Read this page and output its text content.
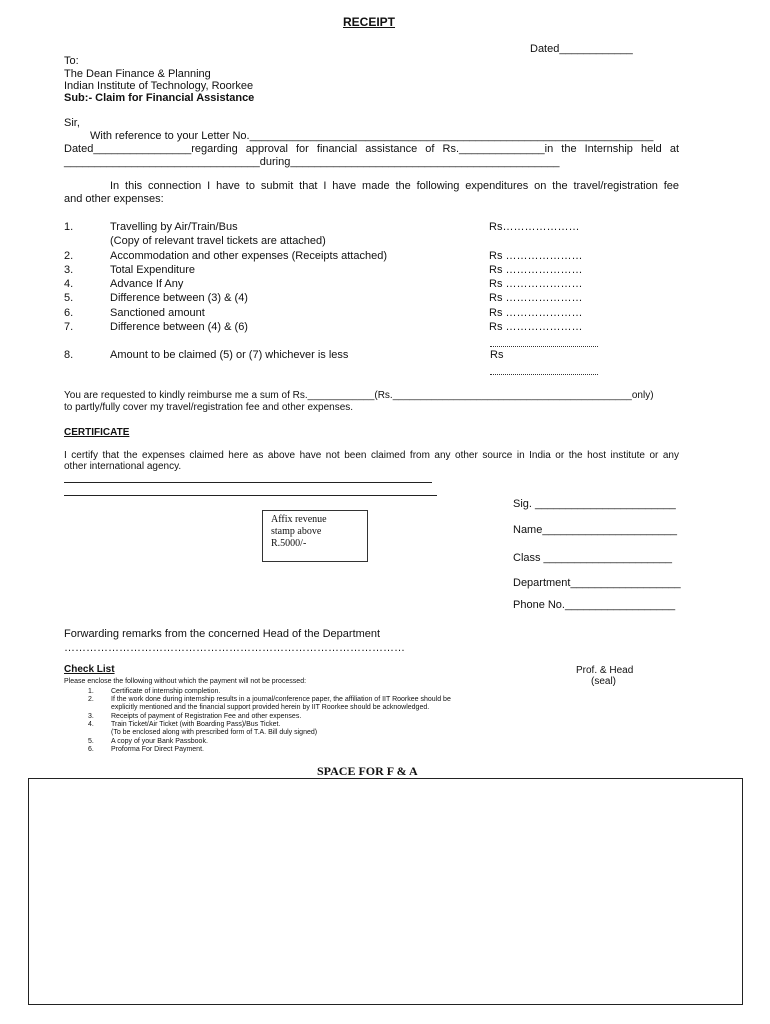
RECEIPT
Dated____________
To:
The Dean Finance & Planning
Indian Institute of Technology, Roorkee
Sub:- Claim for Financial Assistance
Sir,
With reference to your Letter No.__________________________________________________________________
Dated________________regarding approval for financial assistance of Rs.______________in the Internship held at
________________________________during____________________________________________
In this connection I have to submit that I have made the following expenditures on the travel/registration fee
and other expenses:
1.	Travelling by Air/Train/Bus	Rs…………………
(Copy of relevant travel tickets are attached)
2.	Accommodation and other expenses (Receipts attached)	Rs …………………
3.	Total Expenditure	Rs …………………
4.	Advance If Any	Rs …………………
5.	Difference between (3) & (4)	Rs …………………
6.	Sanctioned amount	Rs …………………
7.	Difference between (4) & (6)	Rs …………………
8.	Amount to be claimed (5) or (7) whichever is less	Rs
You are requested to kindly reimburse me a sum of Rs.____________(Rs.___________________________________________only)
to partly/fully cover my travel/registration fee and other expenses.
CERTIFICATE
I certify that the expenses claimed here as above have not been claimed from any other source in India or the host institute or any
other international agency.
Affix revenue
stamp above
R.5000/-
Sig. _______________________
Name______________________
Class _____________________
Department__________________
Phone No.__________________
Forwarding remarks from the concerned Head of the Department
…………………………………………………………………………………
Check List
Please enclose the following without which the payment will not be processed:
1. Certificate of internship completion.
2. If the work done during internship results in a journal/conference paper, the affiliation of IIT Roorkee should be
explicitly mentioned and the financial support provided herein by IIT Roorkee should be acknowledged.
3. Receipts of payment of Registration Fee and other expenses.
4. Train Ticket/Air Ticket (with Boarding Pass)/Bus Ticket.
(To be enclosed along with prescribed form of T.A. Bill duly signed)
5. A copy of your Bank Passbook.
6. Proforma For Direct Payment.
Prof. & Head
(seal)
SPACE FOR F & A
